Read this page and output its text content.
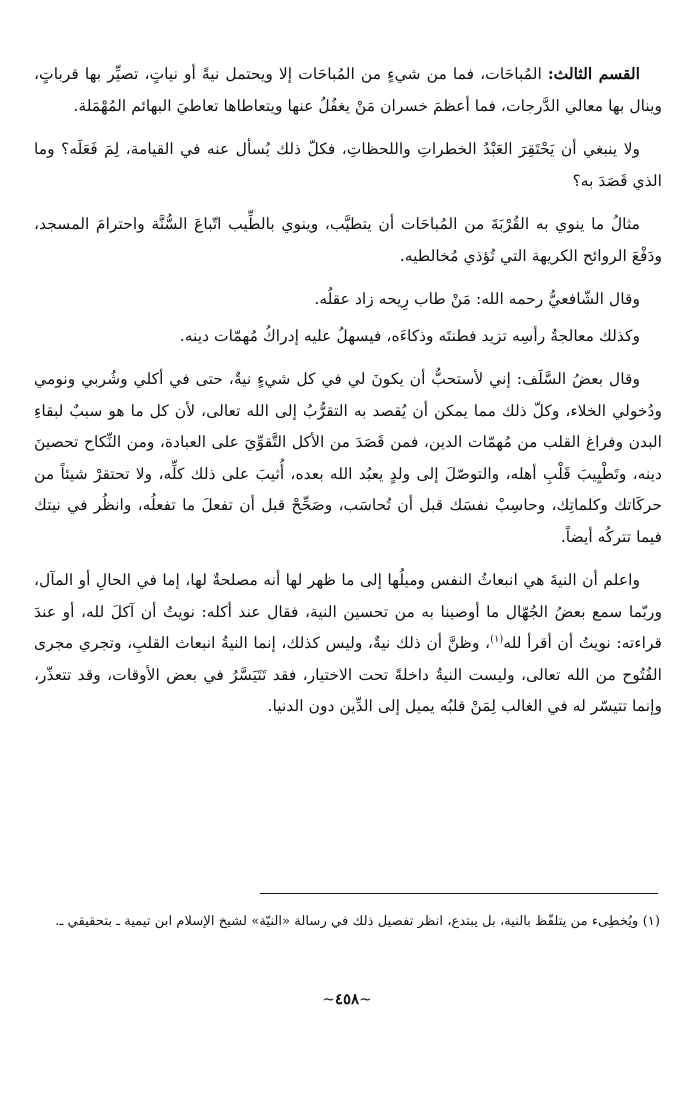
القسم الثالث: المُباحَات، فما من شيءٍ من المُباحَات إلا ويحتمل نيةً أو نياتٍ، تصيِّر بها قرباتٍ، وينال بها معالي الدَّرجات، فما أعظمَ خسران مَنْ يغفُلُ عنها ويتعاطاها تعاطيَ البهائم المُهْمَلة.

ولا ينبغي أن يَحْتَقِرَ العَبْدُ الخطراتِ واللحظاتِ، فكلّ ذلك يُسأل عنه في القيامة، لِمَ فَعَلَه؟ وما الذي قَصَدَ به؟

مثالُ ما ينوي به القُرْبَةَ من المُباحَات أن يتطيَّب، وينوي بالطِّيب اتّباعَ السُّنَّة واحترامَ المسجد، ودَفْعَ الروائح الكريهة التي تُؤذي مُخالطيه.

وقال الشّافعيُّ رحمه الله: مَنْ طاب رِيحه زاد عقلُه.

وكذلك معالجةُ رأسِه تزيد فطنتَه وذكاءَه، فيسهلُ عليه إدراكُ مُهمّات دينه.

وقال بعضُ السَّلَف: إني لأستحبُّ أن يكونَ لي في كل شيءٍ نيةٌ، حتى في أكلي وشُربي ونومي ودُخولي الخلاء، وكلّ ذلك مما يمكن أن يُقصد به التقرُّبُ إلى الله تعالى، لأن كل ما هو سببٌ لبقاءِ البدن وفراغ القلب من مُهمّات الدين، فمن قَصَدَ من الأكل التَّقوِّيَ على العبادة، ومن النِّكاح تحصينَ دينه، وتَطْيِيبَ قَلْبِ أهله، والتوصّلَ إلى ولدٍ يعبُد الله بعده، أُثيبَ على ذلك كلِّه، ولا تحتقرْ شيئاً من حركَاتك وكلماتِك، وحاسِبْ نفسَك قبل أن تُحاسَب، وصَحِّحْ قبل أن تفعلَ ما تفعلُه، وانظُر في نيتك فيما تتركُه أيضاً.

واعلم أن النيةَ هي انبعاثُ النفس وميلُها إلى ما ظهر لها أنه مصلحةٌ لها، إما في الحالِ أو المآل، وربّما سمع بعضُ الجُهّال ما أوصينا به من تحسين النية، فقال عند أكله: نويتُ أن آكلَ لله، أو عندَ قراءته: نويتُ أن أقرأ لله$^{(١)}$، وظنَّ أن ذلك نيةٌ، وليس كذلك، إنما النيةُ انبعاث القلبِ، وتجري مجرى الفُتُوح من الله تعالى، وليست النيةُ داخلةً تحت الاختيار، فقد تَتَيَسَّرُ في بعض الأوقات، وقد تتعذّر، وإنما تتيسّر له في الغالب لِمَنْ قلبُه يميل إلى الدِّين دون الدنيا.

(١) ويُخطِىء من يتلفّظ بالنية، بل يبتدع، انظر تفصيل ذلك في رسالة «النيّة» لشيخ الإسلام ابن تيمية ـ بتحقيقي ـ.

~٤٥٨~
